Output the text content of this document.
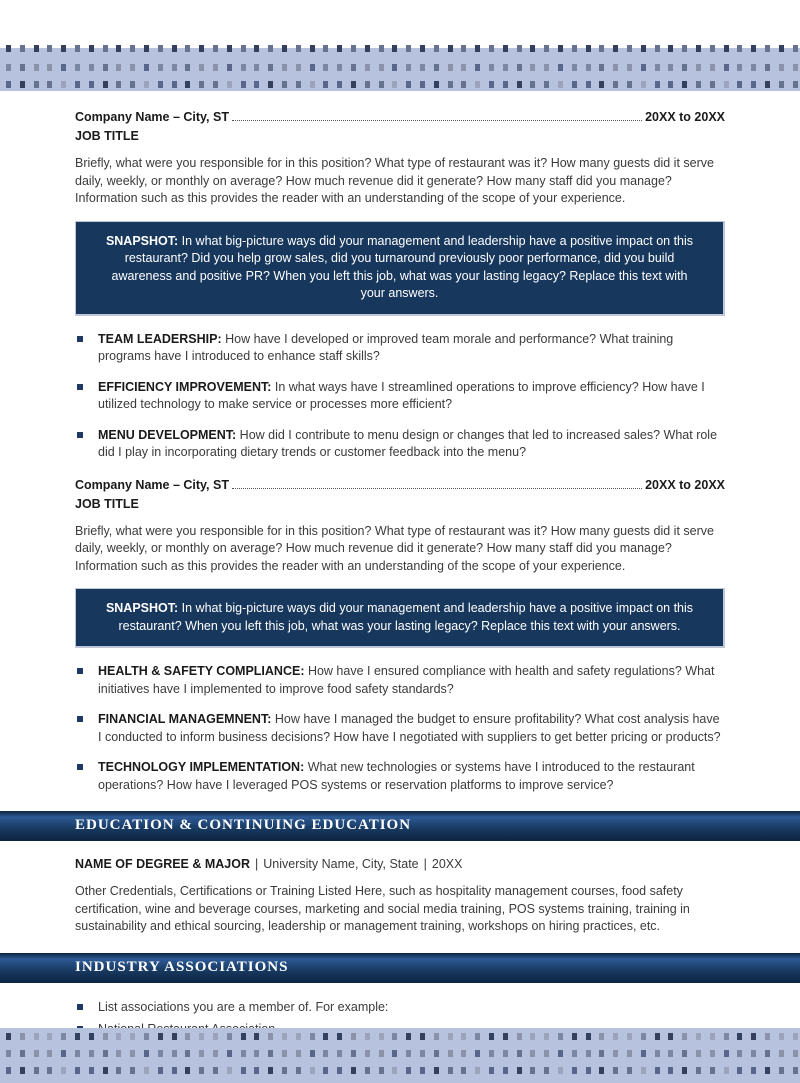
Company Name – City, ST	20XX to 20XX
JOB TITLE
Briefly, what were you responsible for in this position? What type of restaurant was it? How many guests did it serve daily, weekly, or monthly on average? How much revenue did it generate? How many staff did you manage? Information such as this provides the reader with an understanding of the scope of your experience.
SNAPSHOT: In what big-picture ways did your management and leadership have a positive impact on this restaurant? Did you help grow sales, did you turnaround previously poor performance, did you build awareness and positive PR? When you left this job, what was your lasting legacy? Replace this text with your answers.
TEAM LEADERSHIP: How have I developed or improved team morale and performance? What training programs have I introduced to enhance staff skills?
EFFICIENCY IMPROVEMENT: In what ways have I streamlined operations to improve efficiency? How have I utilized technology to make service or processes more efficient?
MENU DEVELOPMENT: How did I contribute to menu design or changes that led to increased sales? What role did I play in incorporating dietary trends or customer feedback into the menu?
Company Name – City, ST	20XX to 20XX
JOB TITLE
Briefly, what were you responsible for in this position? What type of restaurant was it? How many guests did it serve daily, weekly, or monthly on average? How much revenue did it generate? How many staff did you manage? Information such as this provides the reader with an understanding of the scope of your experience.
SNAPSHOT: In what big-picture ways did your management and leadership have a positive impact on this restaurant? When you left this job, what was your lasting legacy? Replace this text with your answers.
HEALTH & SAFETY COMPLIANCE: How have I ensured compliance with health and safety regulations? What initiatives have I implemented to improve food safety standards?
FINANCIAL MANAGEMNENT: How have I managed the budget to ensure profitability? What cost analysis have I conducted to inform business decisions? How have I negotiated with suppliers to get better pricing or products?
TECHNOLOGY IMPLEMENTATION: What new technologies or systems have I introduced to the restaurant operations? How have I leveraged POS systems or reservation platforms to improve service?
EDUCATION & CONTINUING EDUCATION
NAME OF DEGREE & MAJOR | University Name, City, State | 20XX
Other Credentials, Certifications or Training Listed Here, such as hospitality management courses, food safety certification, wine and beverage courses, marketing and social media training, POS systems training, training in sustainability and ethical sourcing, leadership or management training, workshops on hiring practices, etc.
INDUSTRY ASSOCIATIONS
List associations you are a member of. For example:
